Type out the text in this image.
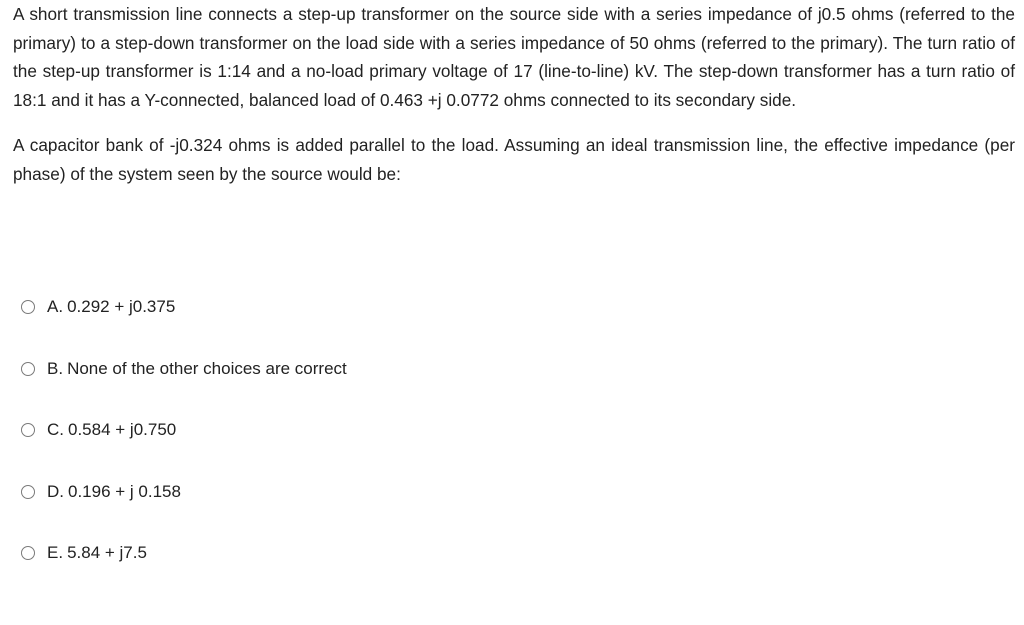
A short transmission line connects a step-up transformer on the source side with a series impedance of j0.5 ohms (referred to the primary) to a step-down transformer on the load side with a series impedance of 50 ohms (referred to the primary). The turn ratio of the step-up transformer is 1:14 and a no-load primary voltage of 17 (line-to-line) kV. The step-down transformer has a turn ratio of 18:1 and it has a Y-connected, balanced load of 0.463 +j 0.0772 ohms connected to its secondary side.

A capacitor bank of -j0.324 ohms is added parallel to the load. Assuming an ideal transmission line, the effective impedance (per phase) of the system seen by the source would be:

A. 0.292 + j0.375
B. None of the other choices are correct
C. 0.584 + j0.750
D. 0.196 + j 0.158
E. 5.84 + j7.5
